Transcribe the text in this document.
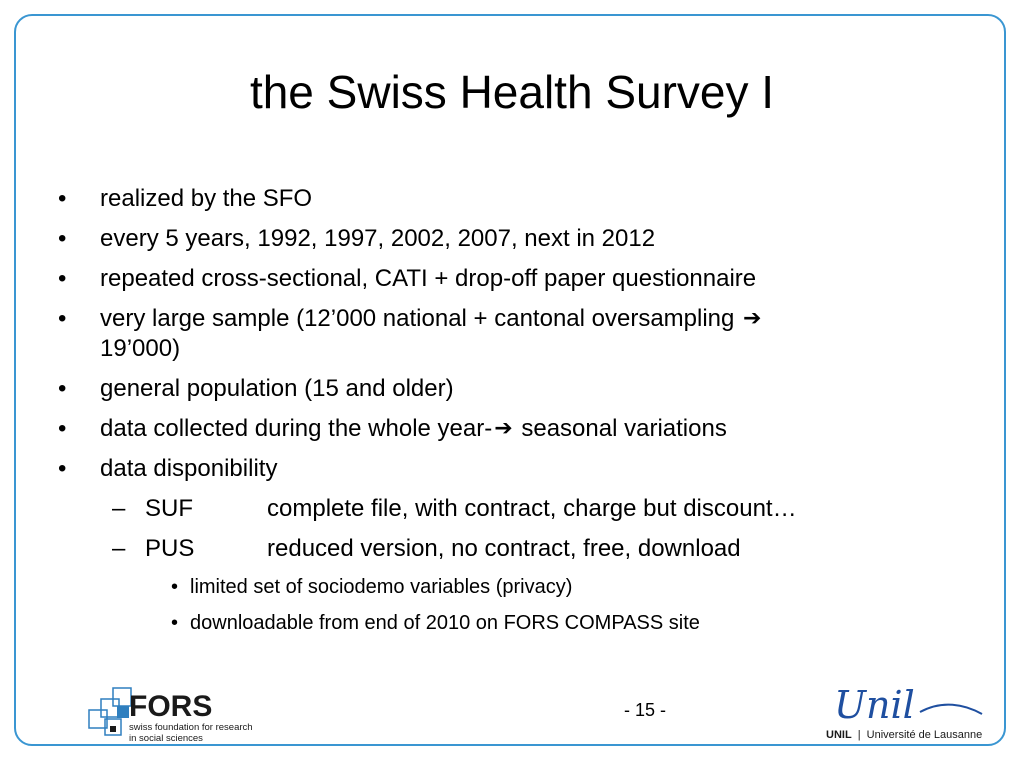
the Swiss Health Survey I
• realized by the SFO
• every 5 years, 1992, 1997, 2002, 2007, next in 2012
• repeated cross-sectional, CATI + drop-off paper questionnaire
• very large sample (12’000 national + cantonal oversampling ➔
19’000)
• general population (15 and older)
• data collected during the whole year-➔ seasonal variations
• data disponibility
– SUF	complete file, with contract, charge but discount…
– PUS	reduced version, no contract, free, download
• limited set of sociodemo variables (privacy)
• downloadable from end of 2010 on FORS COMPASS site
- 15 -
FORS
swiss foundation for research
in social sciences
Unil
UNIL | Université de Lausanne
